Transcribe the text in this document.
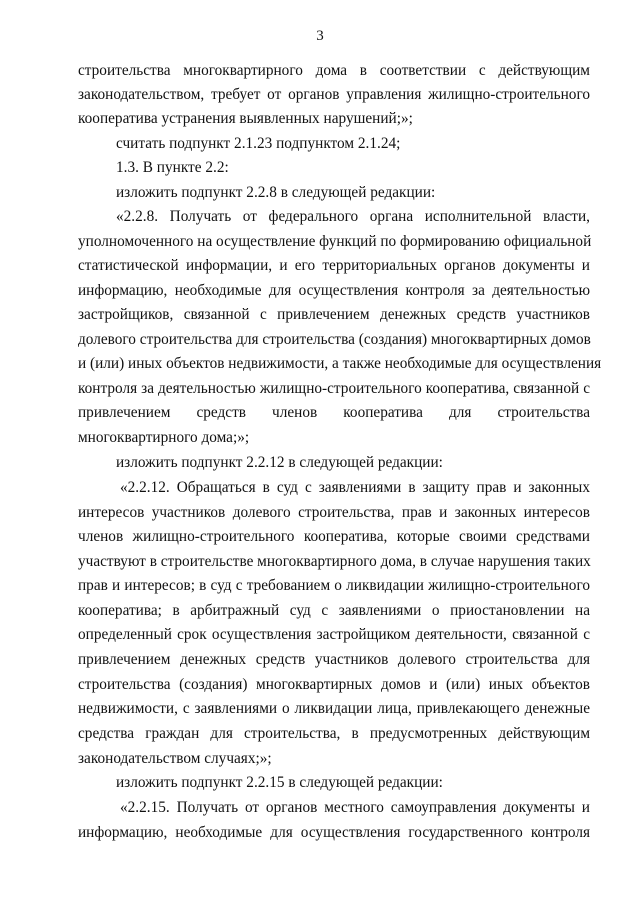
3
строительства многоквартирного дома в соответствии с действующим
законодательством, требует от органов управления жилищно-строительного
кооператива устранения выявленных нарушений;»;
считать подпункт 2.1.23 подпунктом 2.1.24;
1.3. В пункте 2.2:
изложить подпункт 2.2.8 в следующей редакции:
«2.2.8. Получать от федерального органа исполнительной власти,
уполномоченного на осуществление функций по формированию официальной
статистической информации, и его территориальных органов документы и
информацию, необходимые для осуществления контроля за деятельностью
застройщиков, связанной с привлечением денежных средств участников
долевого строительства для строительства (создания) многоквартирных домов
и (или) иных объектов недвижимости, а также необходимые для осуществления
контроля за деятельностью жилищно-строительного кооператива, связанной с
привлечением средств членов кооператива для строительства
многоквартирного дома;»;
изложить подпункт 2.2.12 в следующей редакции:
«2.2.12. Обращаться в суд с заявлениями в защиту прав и законных
интересов участников долевого строительства, прав и законных интересов
членов жилищно-строительного кооператива, которые своими средствами
участвуют в строительстве многоквартирного дома, в случае нарушения таких
прав и интересов; в суд с требованием о ликвидации жилищно-строительного
кооператива; в арбитражный суд с заявлениями о приостановлении на
определенный срок осуществления застройщиком деятельности, связанной с
привлечением денежных средств участников долевого строительства для
строительства (создания) многоквартирных домов и (или) иных объектов
недвижимости, с заявлениями о ликвидации лица, привлекающего денежные
средства граждан для строительства, в предусмотренных действующим
законодательством случаях;»;
изложить подпункт 2.2.15 в следующей редакции:
«2.2.15. Получать от органов местного самоуправления документы и
информацию, необходимые для осуществления государственного контроля
